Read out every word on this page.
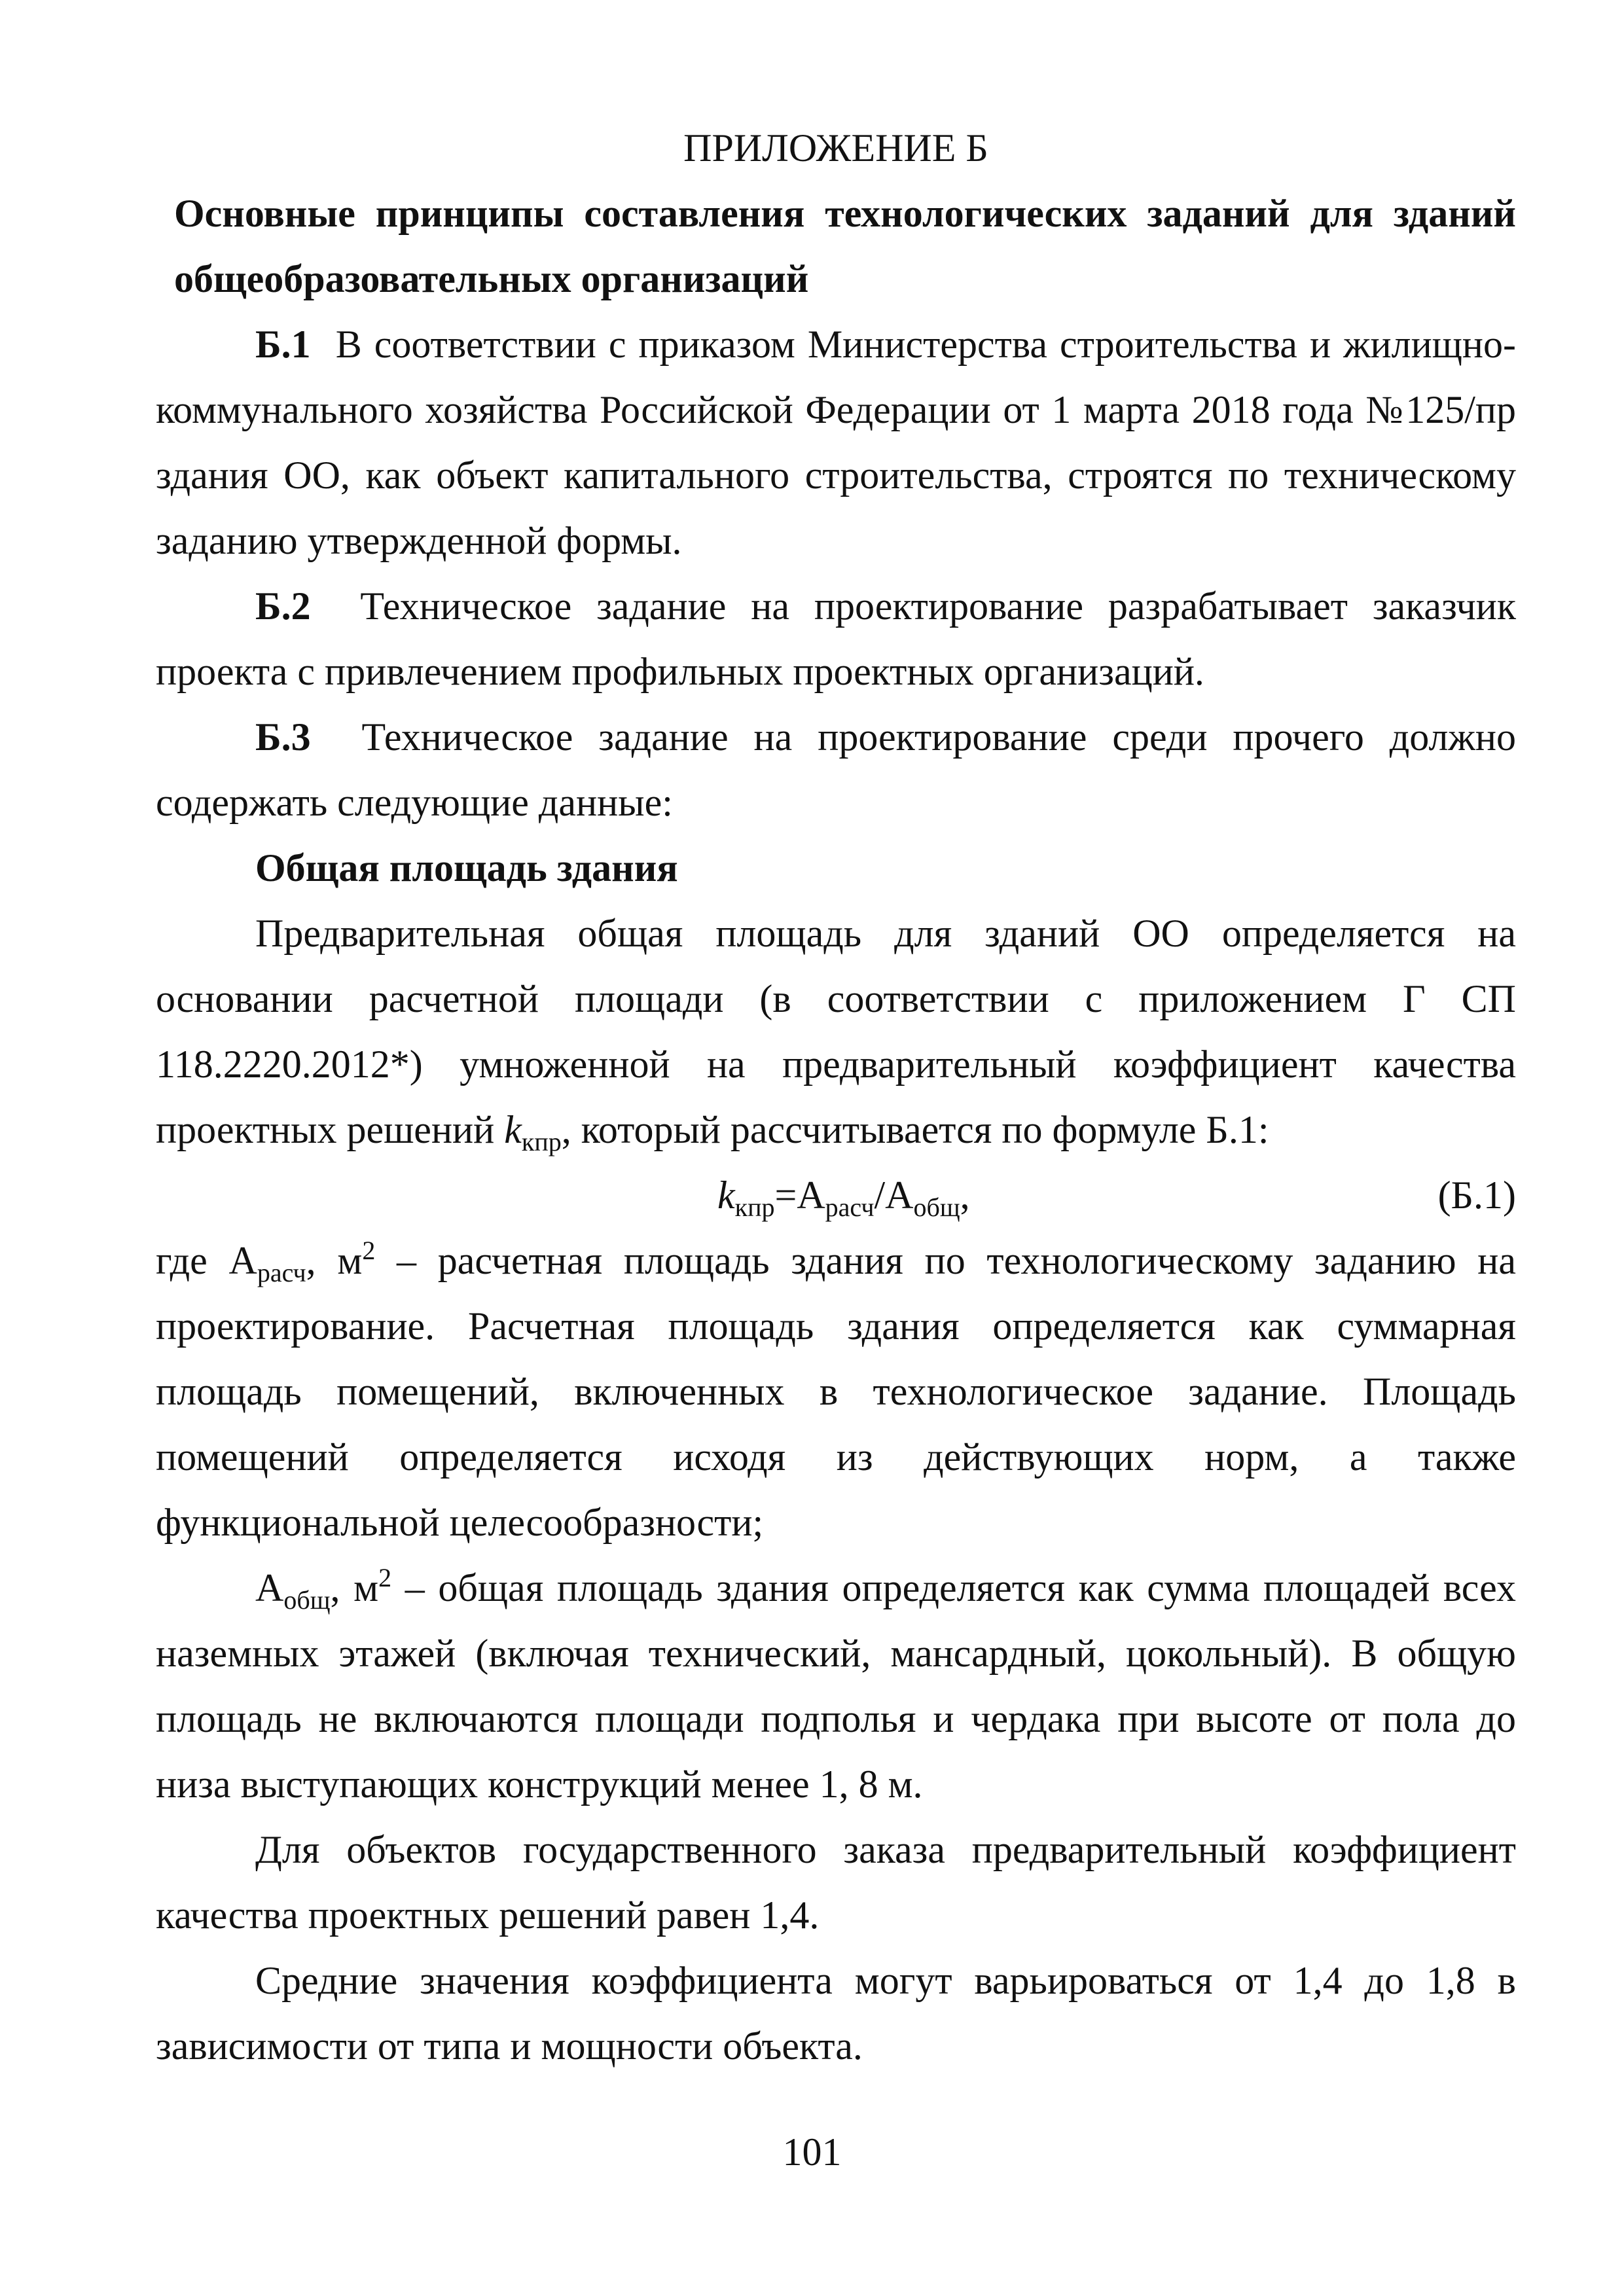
ПРИЛОЖЕНИЕ Б

Основные принципы составления технологических заданий для зданий общеобразовательных организаций

Б.1 В соответствии с приказом Министерства строительства и жилищно-коммунального хозяйства Российской Федерации от 1 марта 2018 года №125/пр здания ОО, как объект капитального строительства, строятся по техническому заданию утвержденной формы.

Б.2 Техническое задание на проектирование разрабатывает заказчик проекта с привлечением профильных проектных организаций.

Б.3 Техническое задание на проектирование среди прочего должно содержать следующие данные:

Общая площадь здания

Предварительная общая площадь для зданий ОО определяется на основании расчетной площади (в соответствии с приложением Г СП 118.2220.2012*) умноженной на предварительный коэффициент качества проектных решений $k_{кпр}$, который рассчитывается по формуле Б.1:

$k_{кпр}=А_{расч}/А_{общ}$,	(Б.1)

где $А_{расч}$, $м^2$ – расчетная площадь здания по технологическому заданию на проектирование. Расчетная площадь здания определяется как суммарная площадь помещений, включенных в технологическое задание. Площадь помещений определяется исходя из действующих норм, а также функциональной целесообразности;

$А_{общ}$, $м^2$ – общая площадь здания определяется как сумма площадей всех наземных этажей (включая технический, мансардный, цокольный). В общую площадь не включаются площади подполья и чердака при высоте от пола до низа выступающих конструкций менее 1, 8 м.

Для объектов государственного заказа предварительный коэффициент качества проектных решений равен 1,4.

Средние значения коэффициента могут варьироваться от 1,4 до 1,8 в зависимости от типа и мощности объекта.

101
